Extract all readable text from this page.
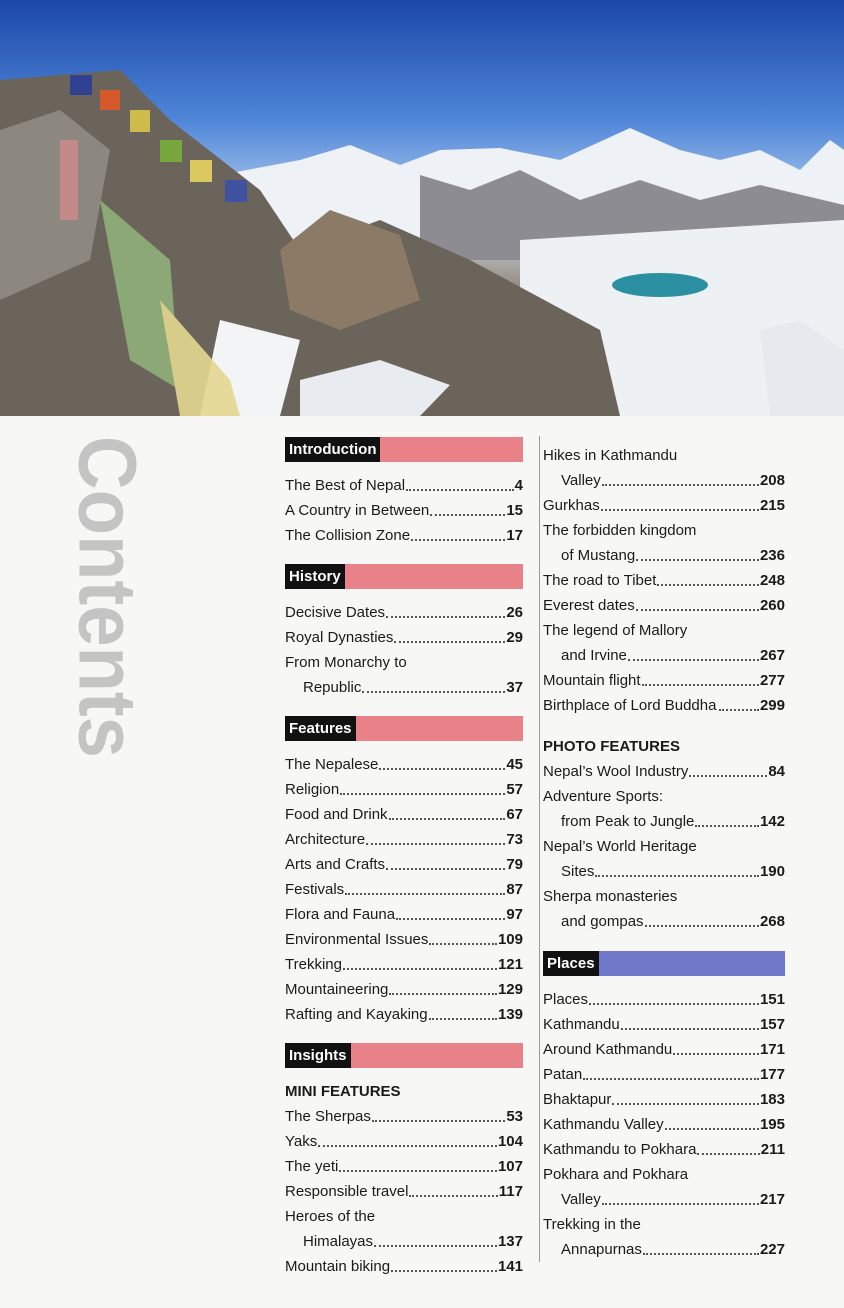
Contents	Introduction
The Best of Nepal	4
A Country in Between	15
The Collision Zone	17
History
Decisive Dates	26
Royal Dynasties	29
From Monarchy to
Republic	37
Features
The Nepalese	45
Religion	57
Food and Drink	67
Architecture	73
Arts and Crafts	79
Festivals	87
Flora and Fauna	97
Environmental Issues	109
Trekking	121
Mountaineering	129
Rafting and Kayaking	139
Insights
MINI FEATURES
The Sherpas	53
Yaks	104
The yeti	107
Responsible travel	117
Heroes of the
Himalayas	137
Mountain biking	141
Hikes in Kathmandu
Valley	208
Gurkhas	215
The forbidden kingdom
of Mustang	236
The road to Tibet	248
Everest dates	260
The legend of Mallory
and Irvine	267
Mountain flight	277
Birthplace of Lord Buddha	299
PHOTO FEATURES
Nepal’s Wool Industry	84
Adventure Sports:
from Peak to Jungle	142
Nepal’s World Heritage
Sites	190
Sherpa monasteries
and gompas	268
Places
Places	151
Kathmandu	157
Around Kathmandu	171
Patan	177
Bhaktapur	183
Kathmandu Valley	195
Kathmandu to Pokhara	211
Pokhara and Pokhara
Valley	217
Trekking in the
Annapurnas	227
